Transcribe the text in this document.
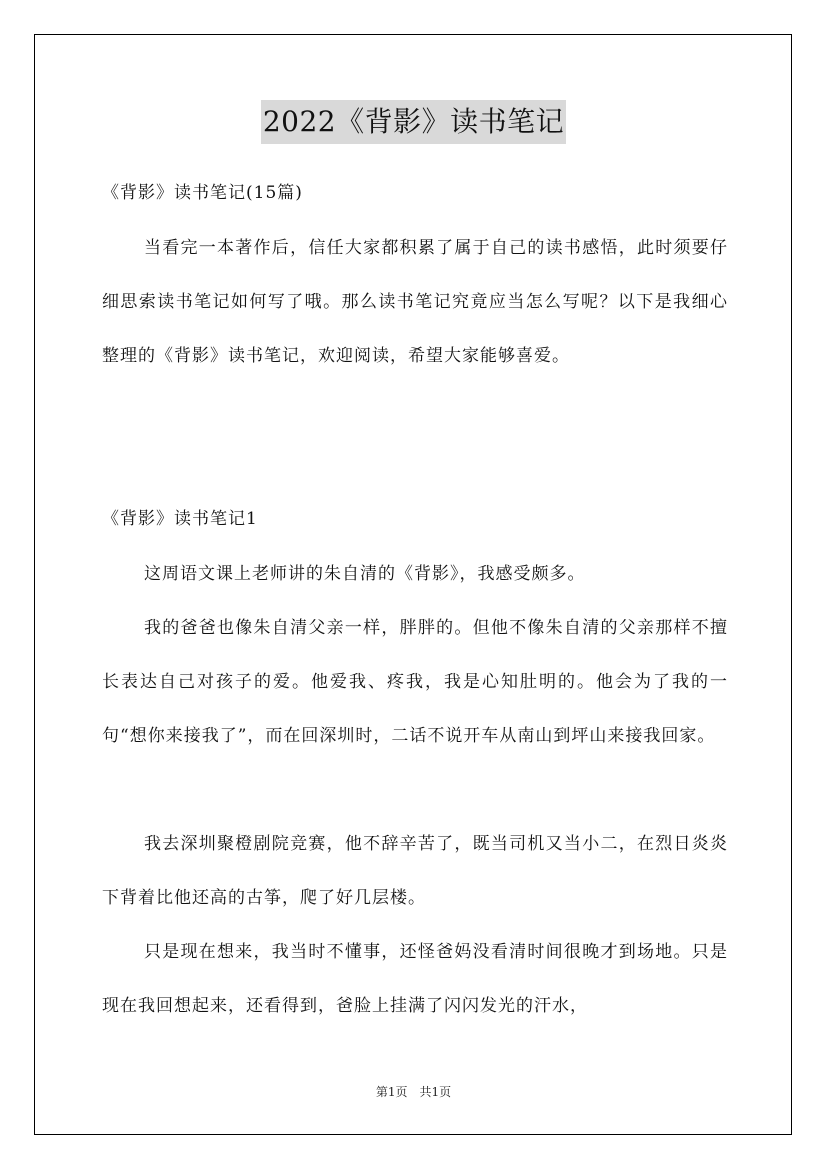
2022《背影》读书笔记

《背影》读书笔记(15篇)

当看完一本著作后，信任大家都积累了属于自己的读书感悟，此时须要仔细思索读书笔记如何写了哦。那么读书笔记究竟应当怎么写呢？以下是我细心整理的《背影》读书笔记，欢迎阅读，希望大家能够喜爱。

《背影》读书笔记1

这周语文课上老师讲的朱自清的《背影》，我感受颇多。

我的爸爸也像朱自清父亲一样，胖胖的。但他不像朱自清的父亲那样不擅长表达自己对孩子的爱。他爱我、疼我，我是心知肚明的。他会为了我的一句“想你来接我了”，而在回深圳时，二话不说开车从南山到坪山来接我回家。

我去深圳聚橙剧院竞赛，他不辞辛苦了，既当司机又当小二，在烈日炎炎下背着比他还高的古筝，爬了好几层楼。

只是现在想来，我当时不懂事，还怪爸妈没看清时间很晚才到场地。只是现在我回想起来，还看得到，爸脸上挂满了闪闪发光的汗水，

第1页　共1页
